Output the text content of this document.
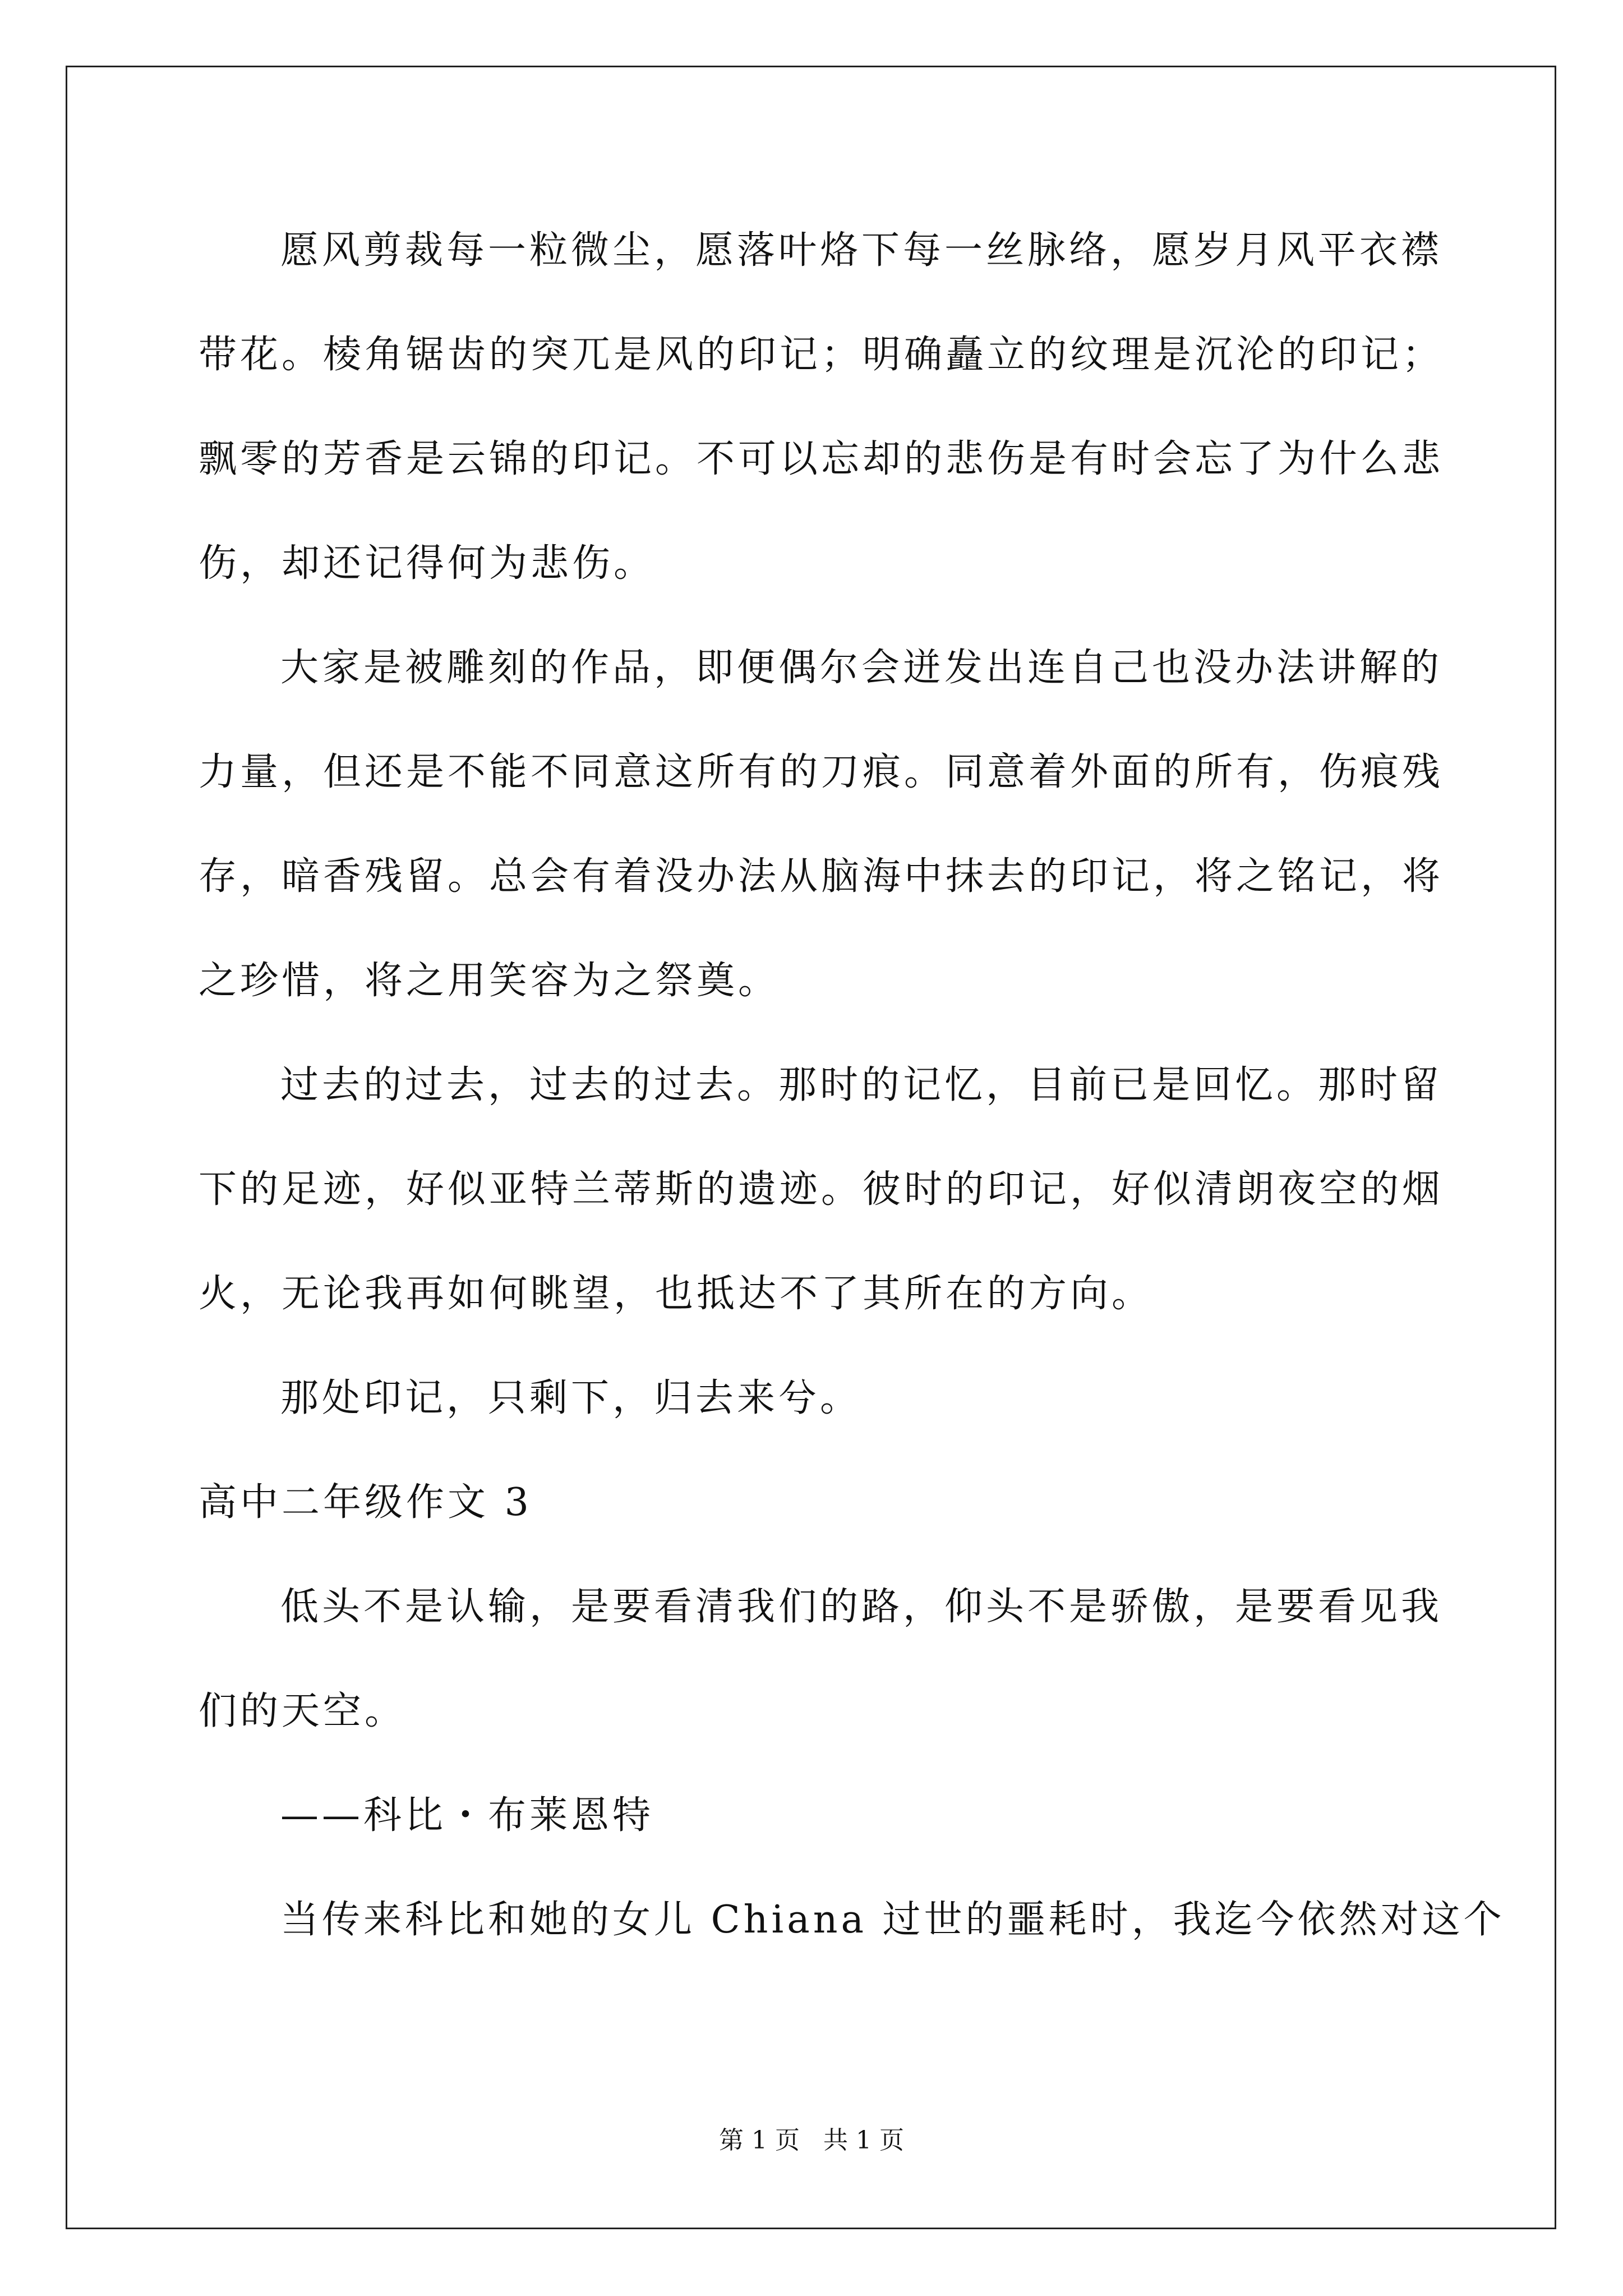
愿风剪裁每一粒微尘，愿落叶烙下每一丝脉络，愿岁月风平衣襟
带花。棱角锯齿的突兀是风的印记；明确矗立的纹理是沉沦的印记；
飘零的芳香是云锦的印记。不可以忘却的悲伤是有时会忘了为什么悲
伤，却还记得何为悲伤。
大家是被雕刻的作品，即便偶尔会迸发出连自己也没办法讲解的
力量，但还是不能不同意这所有的刀痕。同意着外面的所有，伤痕残
存，暗香残留。总会有着没办法从脑海中抹去的印记，将之铭记，将
之珍惜，将之用笑容为之祭奠。
过去的过去，过去的过去。那时的记忆，目前已是回忆。那时留
下的足迹，好似亚特兰蒂斯的遗迹。彼时的印记，好似清朗夜空的烟
火，无论我再如何眺望，也抵达不了其所在的方向。
那处印记，只剩下，归去来兮。
高中二年级作文 3
低头不是认输，是要看清我们的路，仰头不是骄傲，是要看见我
们的天空。
——科比・布莱恩特
当传来科比和她的女儿 Chiana 过世的噩耗时，我迄今依然对这个
第 1 页   共 1 页
